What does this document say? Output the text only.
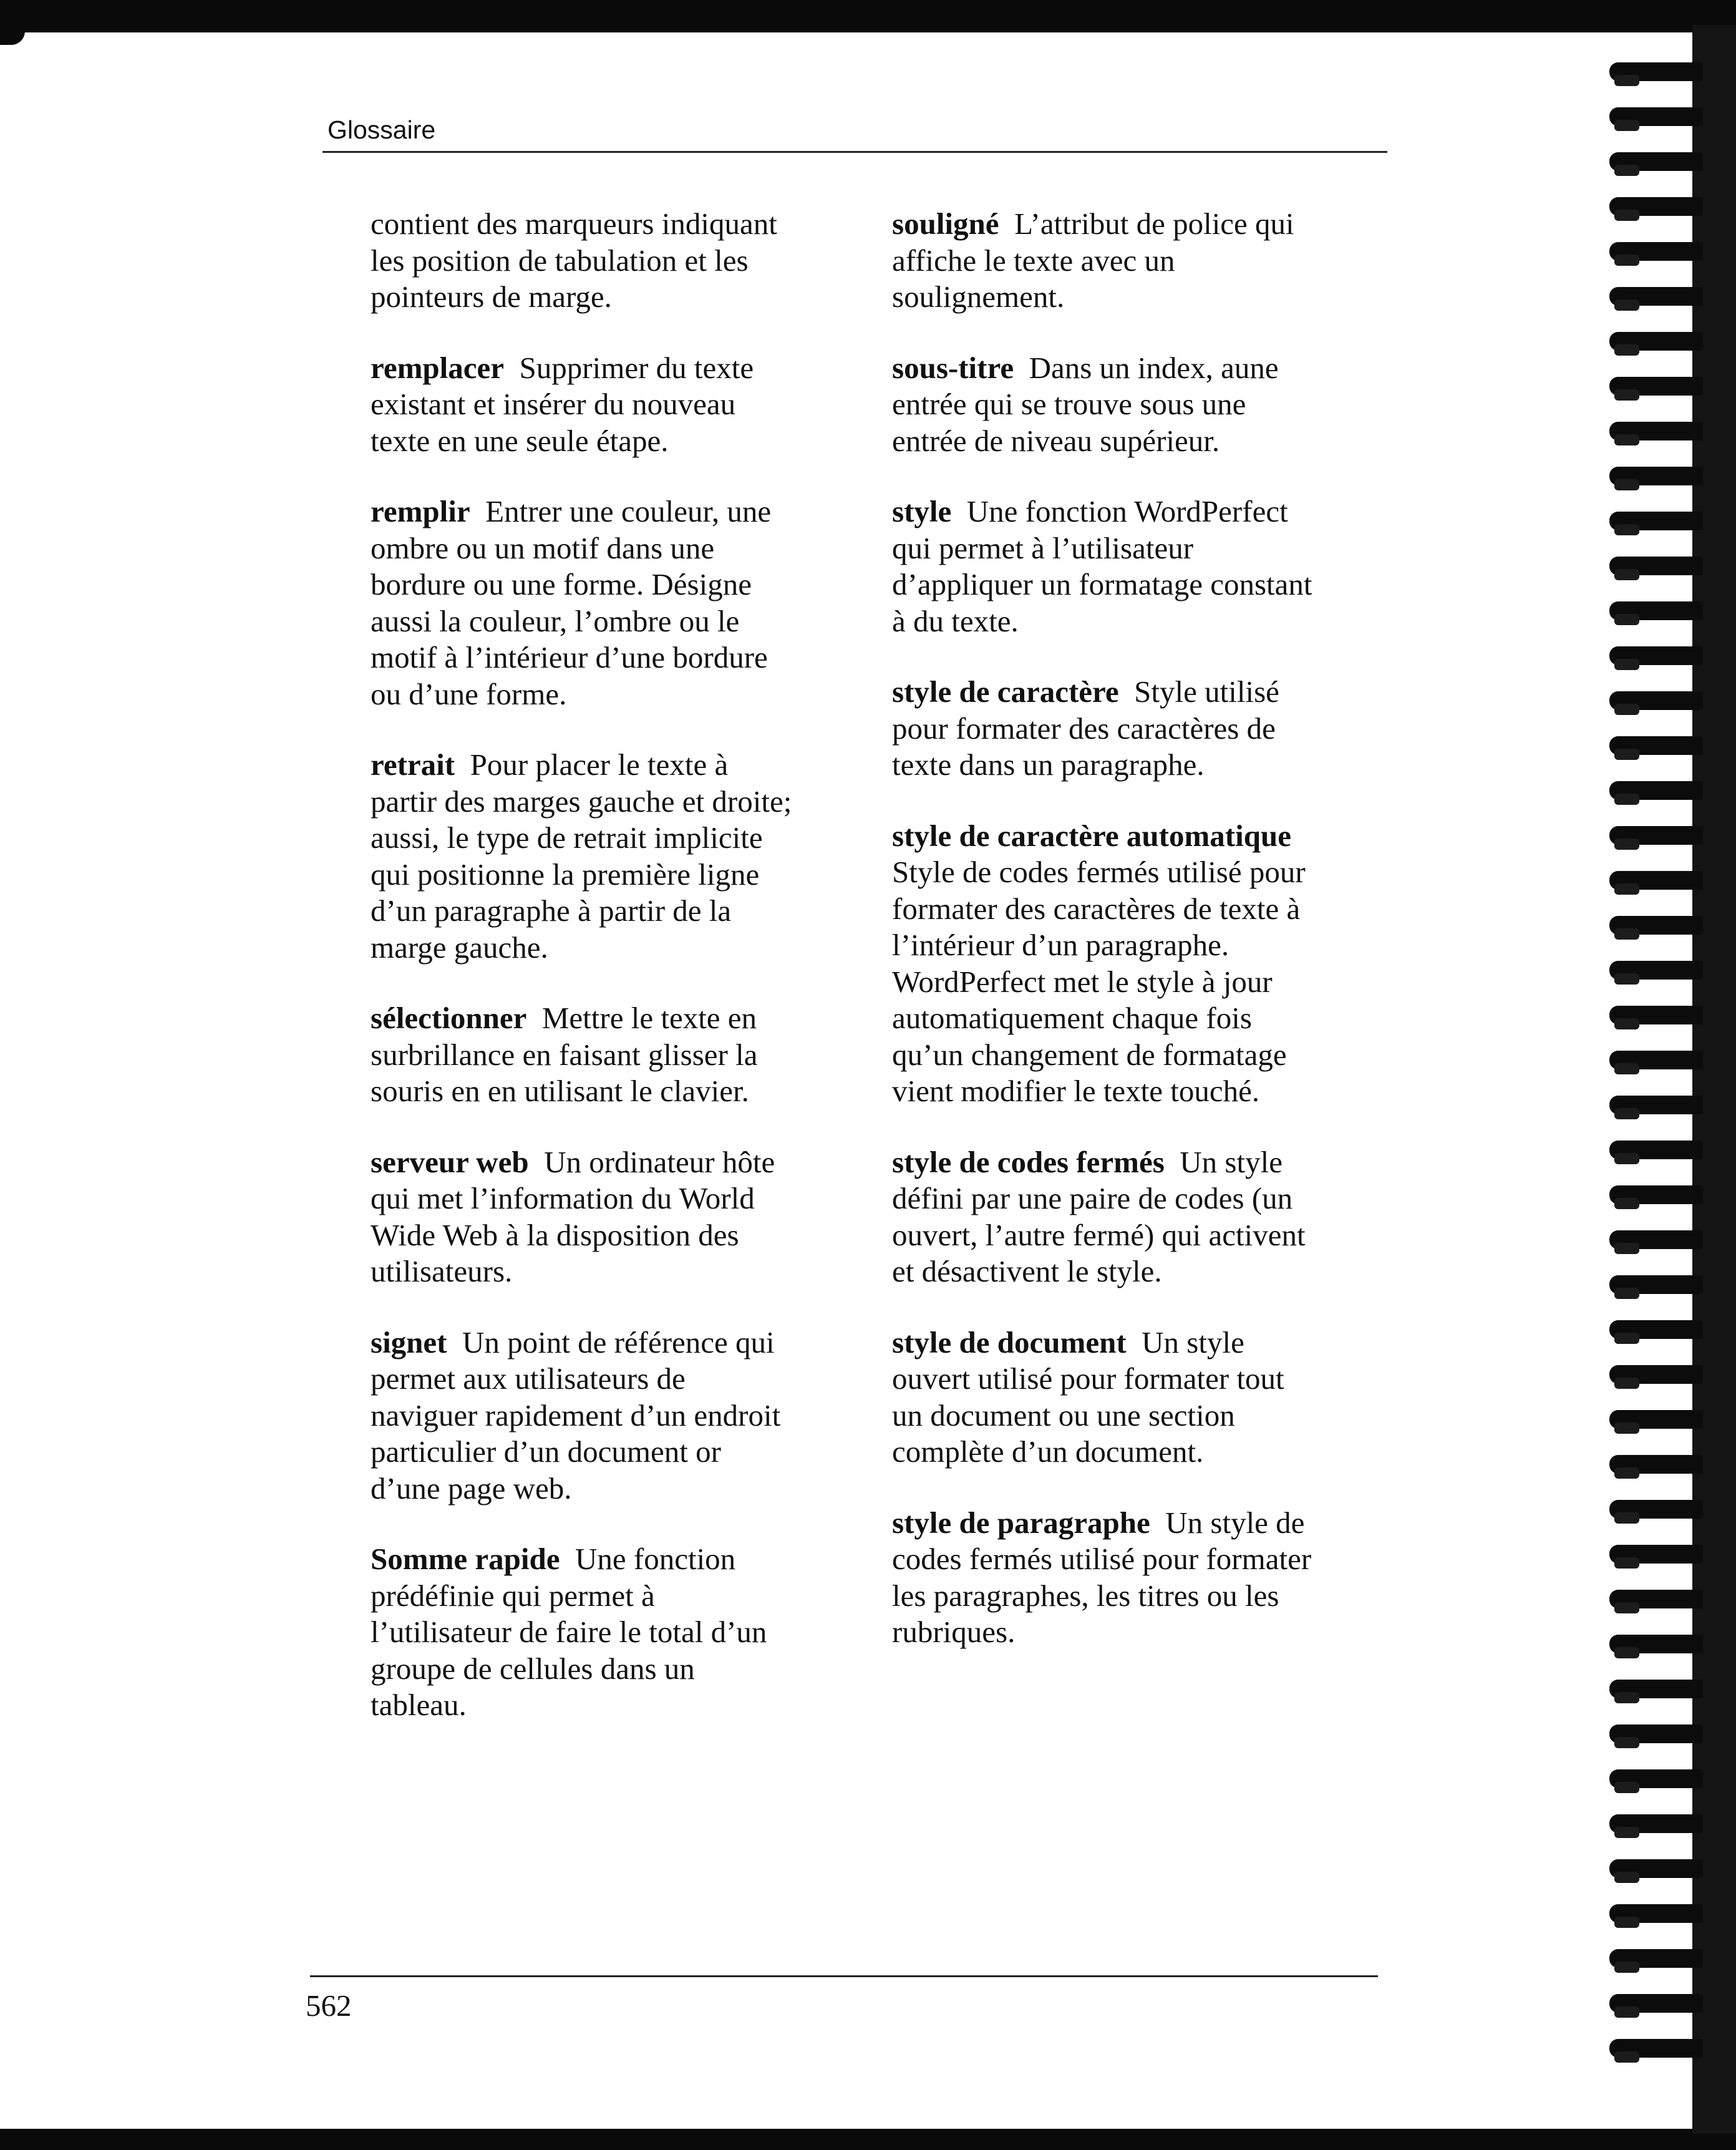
Glossaire

contient des marqueurs indiquant les position de tabulation et les pointeurs de marge.

remplacer Supprimer du texte existant et insérer du nouveau texte en une seule étape.

remplir Entrer une couleur, une ombre ou un motif dans une bordure ou une forme. Désigne aussi la couleur, l’ombre ou le motif à l’intérieur d’une bordure ou d’une forme.

retrait Pour placer le texte à partir des marges gauche et droite; aussi, le type de retrait implicite qui positionne la première ligne d’un paragraphe à partir de la marge gauche.

sélectionner Mettre le texte en surbrillance en faisant glisser la souris en en utilisant le clavier.

serveur web Un ordinateur hôte qui met l’information du World Wide Web à la disposition des utilisateurs.

signet Un point de référence qui permet aux utilisateurs de naviguer rapidement d’un endroit particulier d’un document or d’une page web.

Somme rapide Une fonction prédéfinie qui permet à l’utilisateur de faire le total d’un groupe de cellules dans un tableau.

souligné L’attribut de police qui affiche le texte avec un soulignement.

sous-titre Dans un index, aune entrée qui se trouve sous une entrée de niveau supérieur.

style Une fonction WordPerfect qui permet à l’utilisateur d’appliquer un formatage constant à du texte.

style de caractère Style utilisé pour formater des caractères de texte dans un paragraphe.

style de caractère automatique  Style de codes fermés utilisé pour formater des caractères de texte à l’intérieur d’un paragraphe. WordPerfect met le style à jour automatiquement chaque fois qu’un changement de formatage vient modifier le texte touché.

style de codes fermés Un style défini par une paire de codes (un ouvert, l’autre fermé) qui activent et désactivent le style.

style de document Un style ouvert utilisé pour formater tout un document ou une section complète d’un document.

style de paragraphe Un style de codes fermés utilisé pour formater les paragraphes, les titres ou les rubriques.

562
